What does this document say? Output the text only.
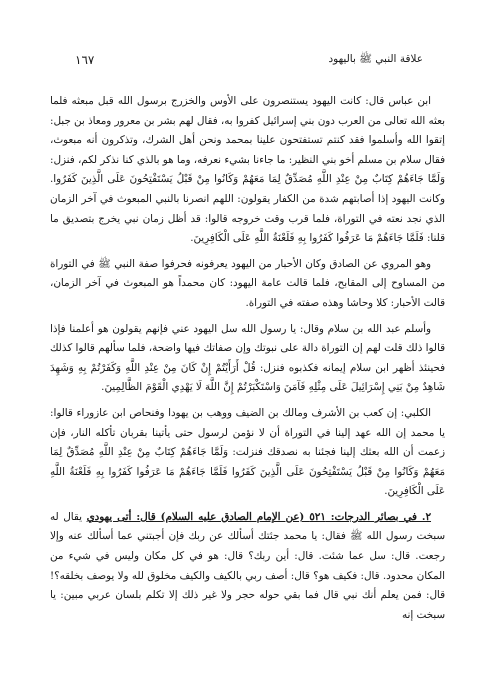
علاقة النبي ﷺ باليهود
١٦٧

ابن عباس قال: كانت اليهود يستنصرون على الأوس والخزرج برسول الله قبل مبعثه فلما بعثه الله تعالى من العرب دون بني إسرائيل كفروا به، فقال لهم بشر بن معرور ومعاذ بن جبل: إتقوا الله وأسلموا فقد كنتم تستفتحون علينا بمحمد ونحن أهل الشرك، وتذكرون أنه مبعوث، فقال سلام بن مسلم أخو بني النظير: ما جاءنا بشيء نعرفه، وما هو بالذي كنا نذكر لكم، فنزل: وَلَمَّا جَاءَهُمْ كِتَابٌ مِنْ عِنْدِ اللَّهِ مُصَدِّقٌ لِمَا مَعَهُمْ وَكَانُوا مِنْ قَبْلُ يَسْتَفْتِحُونَ عَلَى الَّذِينَ كَفَرُوا. وكانت اليهود إذا أصابتهم شدة من الكفار يقولون: اللهم انصرنا بالنبي المبعوث في آخر الزمان الذي نجد نعته في التوراة، فلما قرب وقت خروجه قالوا: قد أظل زمان نبي يخرج بتصديق ما قلنا: فَلَمَّا جَاءَهُمْ مَا عَرَفُوا كَفَرُوا بِهِ فَلَعْنَةُ اللَّهِ عَلَى الْكَافِرِينَ.

وهو المروي عن الصادق وكان الأحبار من اليهود يعرفونه فحرفوا صفة النبي ﷺ في التوراة من المساوح إلى المقابح، فلما قالت عامة اليهود: كان محمداً هو المبعوث في آخر الزمان، قالت الأحبار: كلا وحاشا وهذه صفته في التوراة.

وأسلم عبد الله بن سلام وقال: يا رسول الله سل اليهود عني فإنهم يقولون هو أعلمنا فإذا قالوا ذلك قلت لهم إن التوراة دالة على نبوتك وإن صفاتك فيها واضحة، فلما سألهم قالوا كذلك فحينئذ أظهر ابن سلام إيمانه فكذبوه فنزل: قُلْ أَرَأَيْتُمْ إِنْ كَانَ مِنْ عِنْدِ اللَّهِ وَكَفَرْتُمْ بِهِ وَشَهِدَ شَاهِدٌ مِنْ بَنِي إِسْرَائِيلَ عَلَى مِثْلِهِ فَآمَنَ وَاسْتَكْبَرْتُمْ إِنَّ اللَّهَ لَا يَهْدِي الْقَوْمَ الظَّالِمِينَ.

الكلبي: إن كعب بن الأشرف ومالك بن الضيف ووهب بن يهودا وفنحاص ابن عازوراء قالوا: يا محمد إن الله عهد إلينا في التوراة أن لا نؤمن لرسول حتى يأتينا بقربان تأكله النار، فإن زعمت أن الله بعثك إلينا فجئنا به نصدقك فنزلت: وَلَمَّا جَاءَهُمْ كِتَابٌ مِنْ عِنْدِ اللَّهِ مُصَدِّقٌ لِمَا مَعَهُمْ وَكَانُوا مِنْ قَبْلُ يَسْتَفْتِحُونَ عَلَى الَّذِينَ كَفَرُوا فَلَمَّا جَاءَهُمْ مَا عَرَفُوا كَفَرُوا بِهِ فَلَعْنَةُ اللَّهِ عَلَى الْكَافِرِينَ.

٢. في بصائر الدرجات: ٥٢١ (عن الإمام الصادق عليه السلام) قال: أتى يهودي يقال له سبخت رسول الله ﷺ فقال: يا محمد جئتك أسألك عن ربك فإن أجبتني عما أسألك عنه وإلا رجعت. قال: سل عما شئت. قال: أين ربك؟ قال: هو في كل مكان وليس في شيء من المكان محدود. قال: فكيف هو؟ قال: أصف ربي بالكيف والكيف مخلوق لله ولا يوصف بخلقه؟! قال: فمن يعلم أنك نبي قال فما بقي حوله حجر ولا غير ذلك إلا تكلم بلسان عربي مبين: يا سبخت إنه
